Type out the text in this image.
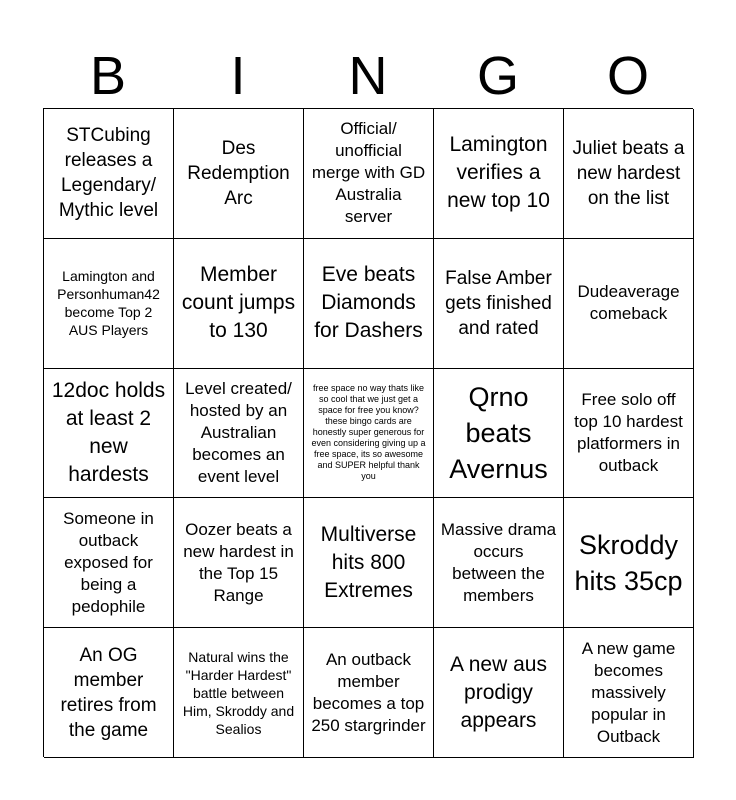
B	I	N	G	O
STCubing releases a Legendary/ Mythic level
Des Redemption Arc
Official/ unofficial merge with GD Australia server
Lamington verifies a new top 10
Juliet beats a new hardest on the list
Lamington and Personhuman42 become Top 2 AUS Players
Member count jumps to 130
Eve beats Diamonds for Dashers
False Amber gets finished and rated
Dudeaverage comeback
12doc holds at least 2 new hardests
Level created/ hosted by an Australian becomes an event level
free space no way thats like so cool that we just get a space for free you know? these bingo cards are honestly super generous for even considering giving up a free space, its so awesome and SUPER helpful thank you
Qrno beats Avernus
Free solo off top 10 hardest platformers in outback
Someone in outback exposed for being a pedophile
Oozer beats a new hardest in the Top 15 Range
Multiverse hits 800 Extremes
Massive drama occurs between the members
Skroddy hits 35cp
An OG member retires from the game
Natural wins the "Harder Hardest" battle between Him, Skroddy and Sealios
An outback member becomes a top 250 stargrinder
A new aus prodigy appears
A new game becomes massively popular in Outback
